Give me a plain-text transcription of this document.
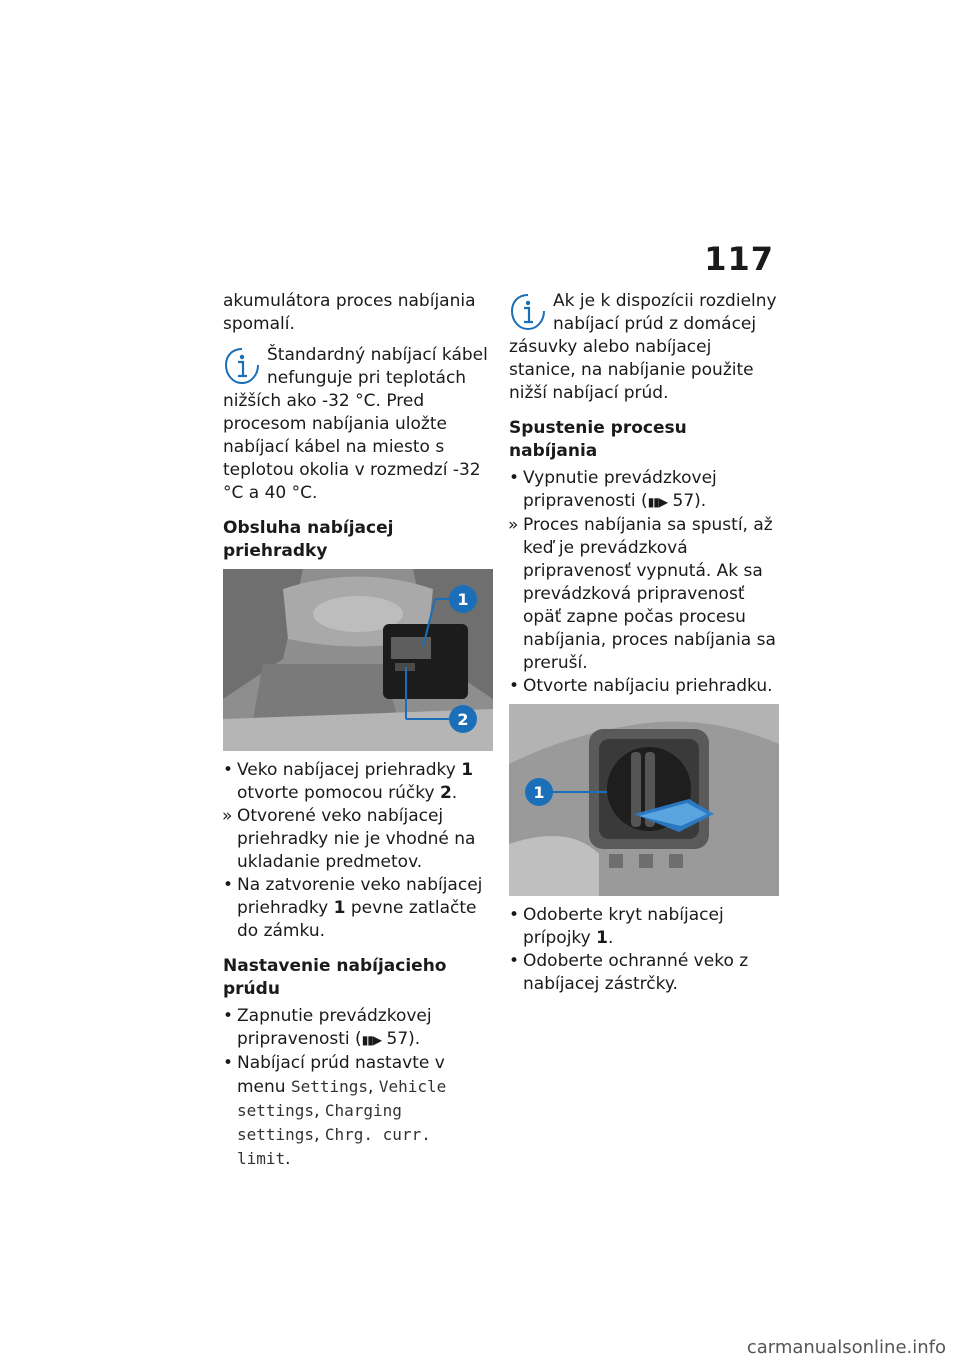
117

akumulátora proces nabíjania spomalí.

Štandardný nabíjací kábel nefunguje pri teplotách nižších ako -32 °C. Pred procesom nabíjania uložte nabíjací kábel na miesto s teplotou okolia v rozmedzí -32 °C a 40 °C.
Obsluha nabíjacej priehradky
1
2

• Veko nabíjacej priehradky 1 otvorte pomocou rúčky 2.

» Otvorené veko nabíjacej priehradky nie je vhodné na ukladanie predmetov.

• Na zatvorenie veko nabíjacej priehradky 1 pevne zatlačte do zámku.

Nastavenie nabíjacieho prúdu

• Zapnutie prevádzkovej pripravenosti (▮▮▶ 57).

• Nabíjací prúd nastavte v menu Settings, Vehicle settings, Charging settings, Chrg. curr. limit.

Ak je k dispozícii rozdielny nabíjací prúd z domácej zásuvky alebo nabíjacej stanice, na nabíjanie použite nižší nabíjací prúd.
Spustenie procesu nabíjania

• Vypnutie prevádzkovej pripravenosti (▮▮▶ 57).

» Proces nabíjania sa spustí, až keď je prevádzková pripravenosť vypnutá. Ak sa prevádzková pripravenosť opäť zapne počas procesu nabíjania, proces nabíjania sa preruší.

• Otvorte nabíjaciu priehradku.

1

• Odoberte kryt nabíjacej prípojky 1.

• Odoberte ochranné veko z nabíjacej zástrčky.

carmanualsonline.info
